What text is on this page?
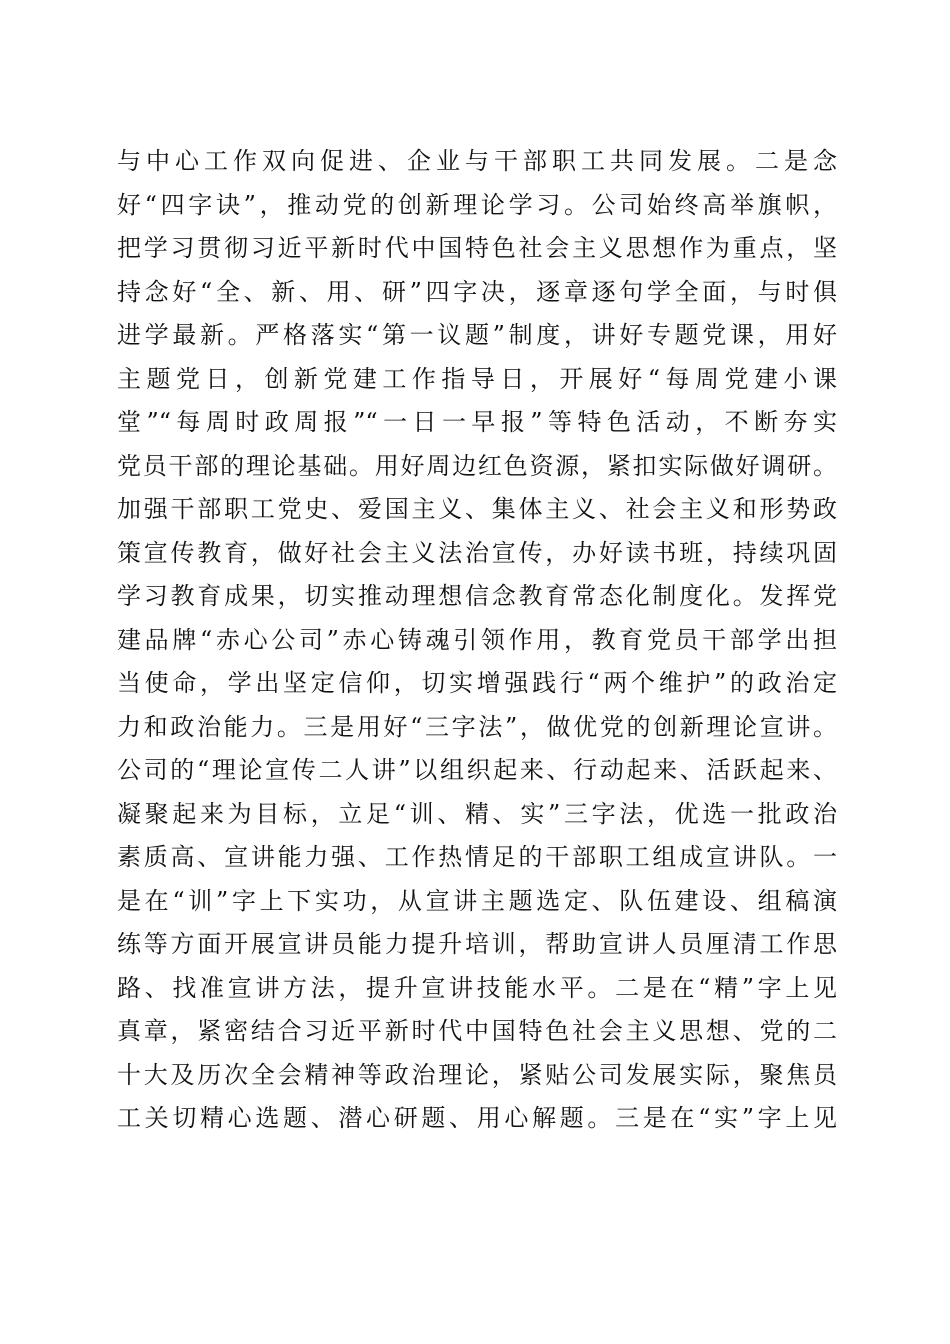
与中心工作双向促进、企业与干部职工共同发展。二是念
好“四字诀”，推动党的创新理论学习。公司始终高举旗帜，
把学习贯彻习近平新时代中国特色社会主义思想作为重点，坚
持念好“全、新、用、研”四字决，逐章逐句学全面，与时俱
进学最新。严格落实“第一议题”制度，讲好专题党课，用好
主题党日，创新党建工作指导日，开展好“每周党建小课
堂”“每周时政周报”“一日一早报”等特色活动，不断夯实
党员干部的理论基础。用好周边红色资源，紧扣实际做好调研。
加强干部职工党史、爱国主义、集体主义、社会主义和形势政
策宣传教育，做好社会主义法治宣传，办好读书班，持续巩固
学习教育成果，切实推动理想信念教育常态化制度化。发挥党
建品牌“赤心公司”赤心铸魂引领作用，教育党员干部学出担
当使命，学出坚定信仰，切实增强践行“两个维护”的政治定
力和政治能力。三是用好“三字法”，做优党的创新理论宣讲。
公司的“理论宣传二人讲”以组织起来、行动起来、活跃起来、
凝聚起来为目标，立足“训、精、实”三字法，优选一批政治
素质高、宣讲能力强、工作热情足的干部职工组成宣讲队。一
是在“训”字上下实功，从宣讲主题选定、队伍建设、组稿演
练等方面开展宣讲员能力提升培训，帮助宣讲人员厘清工作思
路、找准宣讲方法，提升宣讲技能水平。二是在“精”字上见
真章，紧密结合习近平新时代中国特色社会主义思想、党的二
十大及历次全会精神等政治理论，紧贴公司发展实际，聚焦员
工关切精心选题、潜心研题、用心解题。三是在“实”字上见
